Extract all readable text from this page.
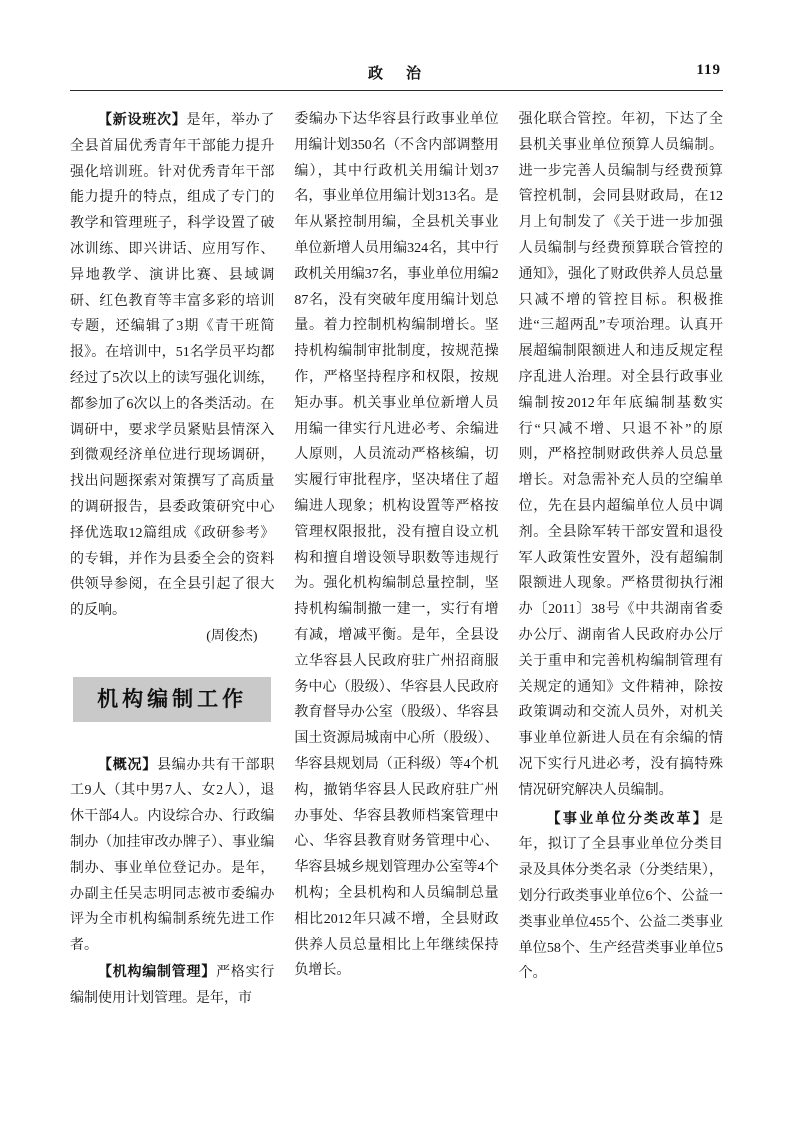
政　治	119

【新设班次】是年，举办了全县首届优秀青年干部能力提升强化培训班。针对优秀青年干部能力提升的特点，组成了专门的教学和管理班子，科学设置了破冰训练、即兴讲话、应用写作、异地教学、演讲比赛、县域调研、红色教育等丰富多彩的培训专题，还编辑了3期《青干班简报》。在培训中，51名学员平均都经过了5次以上的读写强化训练，都参加了6次以上的各类活动。在调研中，要求学员紧贴县情深入到微观经济单位进行现场调研，找出问题探索对策撰写了高质量的调研报告，县委政策研究中心择优选取12篇组成《政研参考》的专辑，并作为县委全会的资料供领导参阅，在全县引起了很大的反响。

(周俊杰)

机构编制工作

【概况】县编办共有干部职工9人（其中男7人、女2人），退休干部4人。内设综合办、行政编制办（加挂审改办牌子）、事业编制办、事业单位登记办。是年，办副主任吴志明同志被市委编办评为全市机构编制系统先进工作者。

【机构编制管理】严格实行编制使用计划管理。是年，市

委编办下达华容县行政事业单位用编计划350名（不含内部调整用编），其中行政机关用编计划37名，事业单位用编计划313名。是年从紧控制用编，全县机关事业单位新增人员用编324名，其中行政机关用编37名，事业单位用编287名，没有突破年度用编计划总量。着力控制机构编制增长。坚持机构编制审批制度，按规范操作，严格坚持程序和权限，按规矩办事。机关事业单位新增人员用编一律实行凡进必考、余编进人原则，人员流动严格核编，切实履行审批程序，坚决堵住了超编进人现象；机构设置等严格按管理权限报批，没有擅自设立机构和擅自增设领导职数等违规行为。强化机构编制总量控制，坚持机构编制撤一建一，实行有增有减，增减平衡。是年，全县设立华容县人民政府驻广州招商服务中心（股级）、华容县人民政府教育督导办公室（股级）、华容县国土资源局城南中心所（股级）、华容县规划局（正科级）等4个机构，撤销华容县人民政府驻广州办事处、华容县教师档案管理中心、华容县教育财务管理中心、华容县城乡规划管理办公室等4个机构；全县机构和人员编制总量相比2012年只减不增，全县财政供养人员总量相比上年继续保持负增长。

强化联合管控。年初，下达了全县机关事业单位预算人员编制。进一步完善人员编制与经费预算管控机制，会同县财政局，在12月上旬制发了《关于进一步加强人员编制与经费预算联合管控的通知》，强化了财政供养人员总量只减不增的管控目标。积极推进“三超两乱”专项治理。认真开展超编制限额进人和违反规定程序乱进人治理。对全县行政事业编制按2012年年底编制基数实行“只减不增、只退不补”的原则，严格控制财政供养人员总量增长。对急需补充人员的空编单位，先在县内超编单位人员中调剂。全县除军转干部安置和退役军人政策性安置外，没有超编制限额进人现象。严格贯彻执行湘办〔2011〕38号《中共湖南省委办公厅、湖南省人民政府办公厅关于重申和完善机构编制管理有关规定的通知》文件精神，除按政策调动和交流人员外，对机关事业单位新进人员在有余编的情况下实行凡进必考，没有搞特殊情况研究解决人员编制。

【事业单位分类改革】是年，拟订了全县事业单位分类目录及具体分类名录（分类结果），划分行政类事业单位6个、公益一类事业单位455个、公益二类事业单位58个、生产经营类事业单位5个。
